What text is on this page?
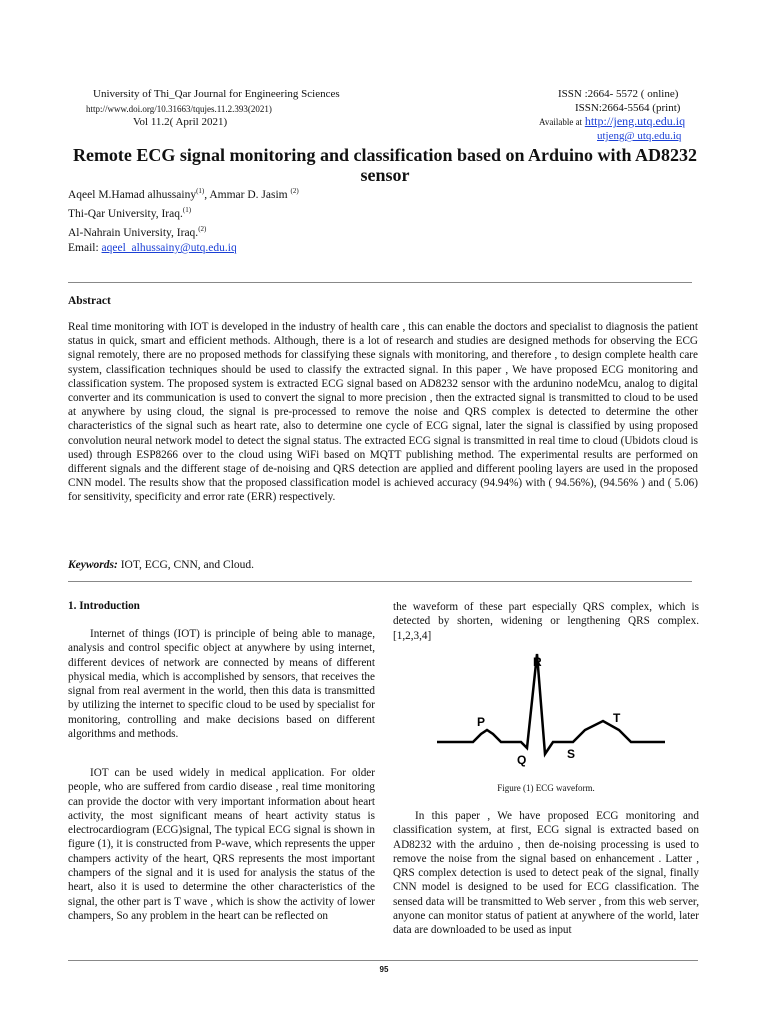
University of Thi_Qar Journal for Engineering Sciences
http://www.doi.org/10.31663/tqujes.11.2.393(2021)
Vol 11.2( April 2021)
ISSN :2664- 5572 ( online)
ISSN:2664-5564 (print)
Available at http://jeng.utq.edu.iq
utjeng@ utq.edu.iq
Remote ECG signal monitoring and classification based on Arduino with AD8232 sensor
Aqeel M.Hamad alhussainy$^{(1)}$, Ammar D. Jasim $^{(2)}$
Thi-Qar University, Iraq.$^{(1)}$
Al-Nahrain University, Iraq.$^{(2)}$
Email: aqeel_alhussainy@utq.edu.iq
Abstract

Real time monitoring with IOT is developed in the industry of health care , this can enable the doctors and specialist to diagnosis the patient status in quick, smart and efficient methods. Although, there is a lot of research and studies are designed methods for observing the ECG signal remotely, there are no proposed methods for classifying these signals with monitoring, and therefore , to design complete health care system, classification techniques should be used to classify the extracted signal. In this paper , We have proposed ECG monitoring and classification system. The proposed system is extracted ECG signal based on AD8232 sensor with the ardunino nodeMcu, analog to digital converter and its communication is used to convert the signal to more precision , then the extracted signal is transmitted to cloud to be used at anywhere by using cloud, the signal is pre-processed to remove the noise and QRS complex is detected to determine the other characteristics of the signal such as heart rate, also to determine one cycle of ECG signal, later the signal is classified by using proposed convolution neural network model to detect the signal status. The extracted ECG signal is transmitted in real time to cloud (Ubidots cloud is used) through ESP8266 over to the cloud using WiFi based on MQTT publishing method. The experimental results are performed on different signals and the different stage of de-noising and QRS detection are applied and different pooling layers are used in the proposed CNN model. The results show that the proposed classification model is achieved accuracy (94.94%) with ( 94.56%), (94.56% ) and ( 5.06) for sensitivity, specificity and error rate (ERR) respectively.

Keywords: IOT, ECG, CNN, and Cloud.
1. Introduction

Internet of things (IOT) is principle of being able to manage, analysis and control specific object at anywhere by using internet, different devices of network are connected by means of different physical media, which is accomplished by sensors, that receives the signal from real averment in the world, then this data is transmitted by utilizing the internet to specific cloud to be used by specialist for monitoring, controlling and make decisions based on different algorithms and methods.

IOT can be used widely in medical application. For older people, who are suffered from cardio disease , real time monitoring can provide the doctor with very important information about heart activity, the most significant means of heart activity status is electrocardiogram (ECG)signal, The typical ECG signal is shown in figure (1), it is constructed from P-wave, which represents the upper champers activity of the heart, QRS represents the most important champers of the signal and it is used for analysis the status of the heart, also it is used to determine the other characteristics of the signal, the other part is T wave , which is show the activity of lower champers, So any problem in the heart can be reflected on

the waveform of these part especially QRS complex, which is detected by shorten, widening or lengthening QRS complex.[1,2,3,4]

R
P	T
Q	S
Figure (1) ECG waveform.

In this paper , We have proposed ECG monitoring and classification system, at first, ECG signal is extracted based on AD8232 with the arduino , then de-noising processing is used to remove the noise from the signal based on enhancement . Latter , QRS complex detection is used to detect peak of the signal, finally CNN model is designed to be used for ECG classification. The sensed data will be transmitted to Web server , from this web server, anyone can monitor status of patient at anywhere of the world, later data are downloaded to be used as input

95
